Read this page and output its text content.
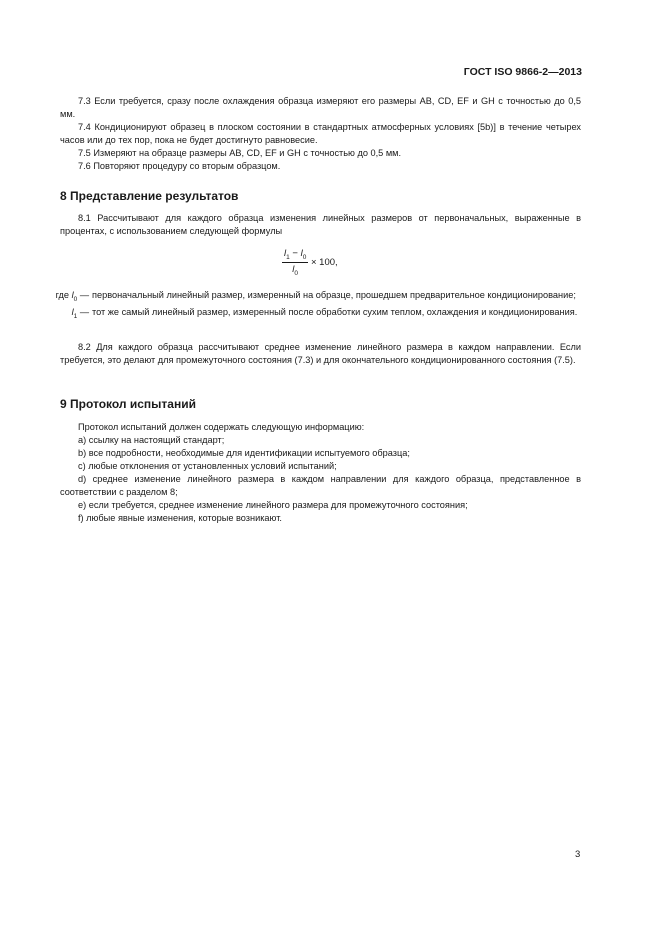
ГОСТ ISO 9866-2—2013
7.3 Если требуется, сразу после охлаждения образца измеряют его размеры AB, CD, EF и GH с точностью до 0,5 мм.
7.4 Кондиционируют образец в плоском состоянии в стандартных атмосферных условиях [5b)] в течение четырех часов или до тех пор, пока не будет достигнуто равновесие.
7.5 Измеряют на образце размеры AB, CD, EF и GH с точностью до 0,5 мм.
7.6 Повторяют процедуру со вторым образцом.
8 Представление результатов
8.1 Рассчитывают для каждого образца изменения линейных размеров от первоначальных, выраженные в процентах, с использованием следующей формулы
$\frac{l_1 - l_0}{l_0} \times 100$,
где $l_0$ — первоначальный линейный размер, измеренный на образце, прошедшем предварительное кондиционирование;
$l_1$ — тот же самый линейный размер, измеренный после обработки сухим теплом, охлаждения и кондиционирования.
8.2 Для каждого образца рассчитывают среднее изменение линейного размера в каждом направлении. Если требуется, это делают для промежуточного состояния (7.3) и для окончательного кондиционированного состояния (7.5).
9 Протокол испытаний
Протокол испытаний должен содержать следующую информацию:
a) ссылку на настоящий стандарт;
b) все подробности, необходимые для идентификации испытуемого образца;
c) любые отклонения от установленных условий испытаний;
d) среднее изменение линейного размера в каждом направлении для каждого образца, представленное в соответствии с разделом 8;
e) если требуется, среднее изменение линейного размера для промежуточного состояния;
f) любые явные изменения, которые возникают.
3
